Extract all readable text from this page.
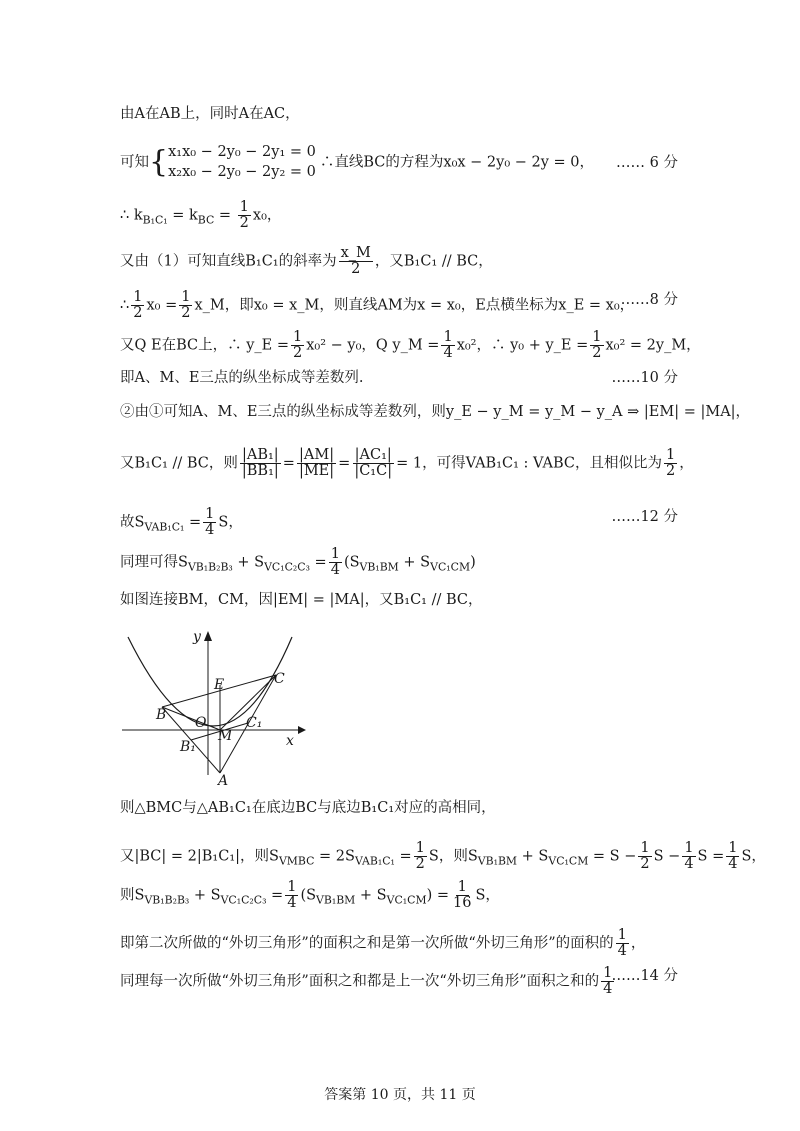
由A在AB上，同时A在AC，
可知{ x₁x₀ − 2y₀ − 2y₁ = 0
x₂x₀ − 2y₀ − 2y₂ = 0
∴直线BC的方程为x₀x − 2y₀ − 2y = 0， …… 6 分
∴ $k_{B_1C_1} = k_{BC} = \frac{1}{2} x_0$，
又由（1）可知直线B₁C₁的斜率为 $\frac{x\_M}{2}$ ，又B₁C₁ // BC，
∴ $\frac{1}{2} x_0 = \frac{1}{2}$ x_M，即x₀ = x_M，则直线AM为x = x₀，E点横坐标为x_E = x₀，
……8 分
又Q E在BC上，∴ y_E = $\frac{1}{2} x_0^2 - y_0$，Q y_M = $\frac{1}{4} x_0^2$，∴ y₀ + y_E = $\frac{1}{2} x_0^2$ = 2y_M，
即A、M、E三点的纵坐标成等差数列.	……10 分
②由①可知A、M、E三点的纵坐标成等差数列，则y_E − y_M = y_M − y_A ⇒ |EM| = |MA|，
又B₁C₁ // BC，则 $\frac{\text{|AB₁|}}{\text{|BB₁|}} = \frac{|AM|}{|ME|} = \frac{\text{|AC₁|}}{\text{|C₁C|}} = 1$，可得VAB₁C₁ : VABC，且相似比为 $\frac{1}{2}$ ，
故$S_{VAB_1C_1} = \frac{1}{4}$ S，	……12 分
同理可得$S_{VB_1B_2B_3} + S_{VC_1C_2C_3} = \frac{1}{4} (S_{VB_1BM} + S_{VC_1CM})$
如图连接BM，CM，因|EM| = |MA|，又B₁C₁ // BC，
y
x
E	C
B O
M
C₁
B₁
A
则△BMC与△AB₁C₁在底边BC与底边B₁C₁对应的高相同，
又|BC| = 2|B₁C₁|，则$S_{VMBC} = 2S_{VAB_1C_1} = \frac{1}{2}$ S，则$S_{VB_1BM} + S_{VC_1CM} = S - \frac{1}{2}$ $S - \frac{1}{4}$ $S = \frac{1}{4}$ S，
则$S_{VB_1B_2B_3} + S_{VC_1C_2C_3} = \frac{1}{4} (S_{VB_1BM} + S_{VC_1CM}) = \frac{1}{16}$ S，
即第二次所做的“外切三角形”的面积之和是第一次所做“外切三角形”的面积的 $\frac{1}{4}$ ，
同理每一次所做“外切三角形”面积之和都是上一次“外切三角形”面积之和的 $\frac{1}{4}$
……14 分
答案第 10 页，共 11 页
